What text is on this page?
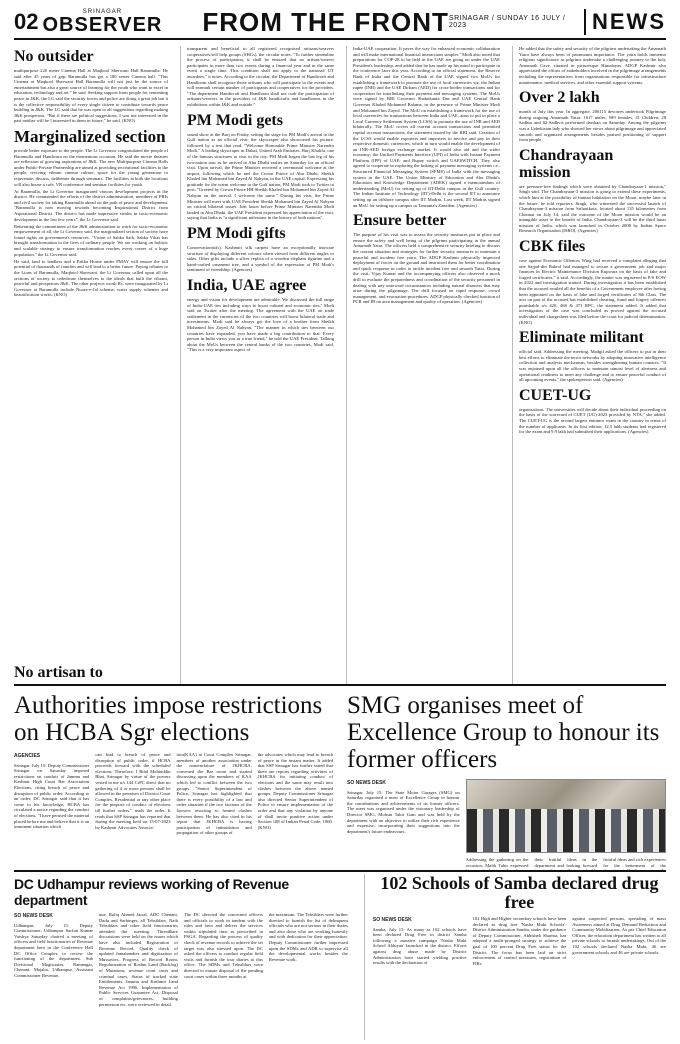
02	SRINAGAR
OBSERVER FROM THE FRONT SRINAGAR / SUNDAY 16 JULY / 2023	NEWS
No outsider
multipurpose 220 meter Cinema Hall at Maqbool Sherwani Hall Baramulla. He said after 45 years of gap, Baramulla has got a 180 seater Cinema hall. "This Cinema at Maqbool Sherwani Hall Baramulla will not just be the source of entertainment but also a great source of learning for the youth who want to excel in education, technology and art," he said. Seeking support from people for cementing peace in J&K, the LG said the security forces and police are doing a great job but it is the collective responsibility of every single citizen to contribute towards peace building in J&K. The LG said that he was open to all suggestions regarding making J&K prosperous. "But if there are political suggestions, I was not interested in the past neither will be I interested in them in future," he said. (KNO)
Marginalized section

provide better exposure to the people. The Lt Governor congratulated the people of Baramulla and Handwara on the momentous occasion. He said the movie theatres are reflection of growing aspirations of J&K. The new Multipurpose Cinema Halls under Public-Private Partnership are aimed at providing recreational facilities to the people, reviving vibrant cinema culture, space for the young generation to rejuvenate, discuss, deliberate through seminars. The facilities at both the locations will also house a cafe, VR conference and seminar facilities for youth.

At Baramulla, the Lt Governor inaugurated various development projects in the district. He commended the efforts of the district administration, members of PRIs and civil society for taking Baramulla ahead on the path of peace and development. "Baramulla is now moving towards becoming Inspirational District from Aspirational District. The district has made impressive strides in socio-economic development in the last few years", the Lt Governor said.

Reiterating the commitment of the J&K administration to work for socio-economic empowerment of all, the Lt Governor said, the marginalized section of society have found rights on government's resources. "Vision of Sabka Sath, Sabka Vikas has brought transformation in the lives of ordinary people. We are working on holistic and scalable strategy to ensure transformation reaches every corner of a huge population," the Lt Governor said.

He said, land to landless and a Pakka House under PMAY will ensure the full potential of thousands of families and will lead to a better future. Paying tributes to the Lions of Baramulla, Maqbool Sherwani, the Lt Governor called upon all the sections of society to rededicate themselves to the ideals that built the vibrant, peaceful and prosperous J&K. The other projects worth Rs. were inaugurated by Lt Governor at Baramulla include Nuaze-e-Jal scheme, water supply schemes and beautification works. (KNO)

No artisan to
transparent and beneficial to all registered recognised artisans/weavers cooperatives/self help groups (SHGs), the circular notes. "To further streamline the process of participation, it shall be ensured that no artisan/weaver participates in more than two events during a financial year and in the same event a single time. This condition shall not apply to the national/ UT awardees," it notes. According to the circular, the Department of Handicraft and Handloom shall recognise those artisans who will participate in the events and will earmark certain number of participants and cooperatives for the providers. "The department Handicraft and Handloom shall not curb the participation of artisans/weavers in the providers of J&K handicrafts and handlooms in the exhibitions within J&K and outside."
PM Modi gets
sound show at the Burj on Friday, setting the stage for PM Modi's arrival to the Gulf nation as an official visit; the skyscraper also showcased his picture, followed by a text that read: "Welcome Honorable Prime Minister Narendra Modi." A leading skyscraper in Dubai, United Arab Emirates, Burj Khalifa, one of the famous structures to visit in the city. PM Modi began the last leg of his two-nation tour as he arrived in Abu Dhabi earlier on Saturday for an official visit. Upon arrival, the Prime Minister received a ceremonial welcome at the airport, following which he met the Crown Prince of Abu Dhabi, Sheikh Khaled bin Mohamed bin Zayed Al Nahyan, in the UAE capital. Expressing his gratitude for the warm welcome to the Gulf nation, PM Modi took to Twitter to post, "Greeted by Crown Prince HH Sheikh Khaled bin Mohamed bin Zayed Al Nahyan on the arrival. I welcome the same." During his visit, the Prime Minister will meet with UAE President Sheikh Mohamed bin Zayed Al Nahyan on critical bilateral issues. Just hours before Prime Minister Narendra Modi landed in Abu Dhabi, the UAE President expressed his appreciation of the visit, saying that India is "a significant milestone in the history of both nations".
PM Modi gifts
Conservationist(s), Kashmiri silk carpets have an exceptionally intricate structure of displaying different colours when viewed from different angles or sides. Other gifts include a silver replica of a wooden elephant figurine and a hand-crafted ornament tree, and a symbol of the expression of PM Modi's sentiment of friendship. (Agencies)
India, UAE agree
energy and vision for development are admirable. We discussed the full range of India-UAE ties including ways to boost cultural and economic ties," Modi said on Twitter after the meeting. The agreement with the UAE on trade settlement in the currencies of the two countries will boost bilateral trade and investments. Modi said he always got the love of a brother from Sheikh Mohamed bin Zayed Al Nahyan. "The manner in which ties between our countries have expanded, you have made a big contribution to that. Every person in India views you as a true friend," he told the UAE President. Talking about the MoUs between the central banks of the two countries, Modi said, "This is a very important aspect of
India-UAE cooperation. It paves the way for enhanced economic collaboration and will make international financial interactions simpler." Modi also noted that preparations for COP-28 to be held in the UAE are going on under the UAE President's leadership, and added that he has made up his mind to participate in the conference later this year. According to an official statement, the Reserve Bank of India and the Central Bank of the UAE signed two MoUs for establishing a framework to promote the use of local currencies viz. the Indian rupee (INR) and the UAE Dirham (AED) for cross-border transactions and for cooperation for interlinking their payment and messaging systems. The MoUs were signed by RBI Governor Shaktikanta Das and UAE Central Bank Governor Khaled Mohamed Balama, in the presence of Prime Minister Modi and Mohamed bin Zayed. The MoU on establishing a framework for the use of local currencies for transactions between India and UAE, aims to put in place a Local Currency Settlement System (LCSS) to promote the use of INR and AED bilaterally. The MoU covers all current account transactions and permitted capital account transactions, the statement issued by the RBI said. Creation of the LCSS would enable exporters and importers to invoice and pay in their respective domestic currencies, which in turn would enable the development of an INR-AED foreign exchange market. It would also aid and the wider economy; the Unified Payments Interface (UPI) of India with Instant Payment Platform (IPP) of UAE; and Rupay switch and UAESWITCH. They also agreed to cooperate in exploring the linking of payment messaging systems i.e., Structured Financial Messaging System (SFMS) of India with the messaging system in the UAE. The Union Ministry of Education and Abu Dhabi's Education and Knowledge Department (ADEK) signed a memorandum of understanding (MoU) for setting up of IIT-Delhi campus in the Gulf country. The Indian Institute of Technology (IIT)-Delhi is the second IIT to announce setting up an offshore campus after IIT Madras. Last week, IIT Madras signed an MoU for setting up a campus in Tanzania's Zanzibar. (Agencies)
Ensure better
The purpose of his visit was to assess the security measures put in place and ensure the safety and well being of the pilgrims participating in the annual Amarnath Yatra. The officers held a comprehensive security briefing to discuss the current situation and strategies for further security measures to maintain a peaceful and incident free yatra. The ADGP Kashmir physically inspected deployment of forces on the ground and instructed them for better coordination and quick response in order to tackle incident free and smooth Yatra. During the visit, Vijay Kumar and the accompanying officers also observed a mock drill to evaluate the preparedness and coordination of the security personnel in dealing with any untoward circumstances including natural disasters that may arise during the pilgrimage. The drill focused on rapid response, crowd management, and evacuation procedures. ADGP physically checked function of PCR and IB on area management and quality of operation. (Agencies)
He added that the safety and security of the pilgrims undertaking the Amarnath Yatra have always been of paramount importance. The yatra holds immense religious significance as pilgrims undertake a challenging journey to the holy Amarnath Cave, situated in picturesque Himalayas. ADGP Kashmir also appreciated the efforts of stakeholders involved in the pilgrimage arrangements including the representatives from organisations responsible for infrastructure maintenance, medical services, and other essential support systems.
Over 2 lakh
month of July this year. In aggregate, 206115 devotees undertook Pilgrimage during ongoing Amarnath Yatra. 1617 males, 589 females, 41 Children, 28 Sadhus and 62 Sadhvis performed darshan on Saturday. Among the pilgrims was a Uzbekistan lady who showed her views about pilgrimage and appreciated smooth and organized arrangements besides praised positioning of support from people.
Chandrayaan mission
are pressure-free findings which were obtained by Chandrayaan-1 mission," Singh said. The Chandrayaan-3 mission is going to extend these experiments, which hint at the possibility of human habitation on the Moon, maybe later in the future, he told reporters. Singh, who witnessed the successful launch of Chandrayaan-3 mission from Sriharikota, located about 135 kilometres from Chennai on July 14, said the outcome of the Moon mission would be an intangible asset to the benefit of India. Chandrayaan-3 will be the third lunar mission of India, which was launched in October 2008 by Indian Space Research Organisation (ISRO). (Agencies)
CBK files
case against Economic Offences Wing had received a complaint alleging that one Sajjad-din Bakrol had managed to secure a government job and major finances in Electric Maintenance Division Kupwara on the basis of fake and forged certificates," it said. Accordingly, the matter was registered in P/S EOW in 2022 and investigation started. During investigation it has been established that the accused availed all the benefits of a Government employee after having been appointed on the basis of fake and forged certificates of 8th Class. The acts on part of the accused has established cheating, fraud and forgery offences punishable u/s 420, 468 & 471 RPC, the statement added. It added that investigation of the case was concluded as proved against the accused individual and chargesheet was filed before the court for judicial determination. (KNO)
Eliminate militant
official said. Addressing the meeting, Madgil asked the officers to put in their best efforts to eliminate the terror networks by adopting innovative intelligence collection and analysis mechanism, besides strengthening human contacts. "It was enjoined upon all the officers to maintain utmost level of alertness and operational readiness to meet any challenge and to ensure peaceful conduct of all upcoming events," the spokesperson said. (Agencies)
CUET-UG
organisations. The universities will decide about their individual proceeding on the basis of the scorecard of CUET (UG)-2023 provided by NTA," she added. The CUET-UG is the second largest entrance exam in the country in terms of the number of applicants. In its first edition, 12.5 lakh students had registered for the exam and 9.9 lakh had submitted their applications. (Agencies)
Authorities impose restrictions on HCBA Sgr elections
AGENCIES
Srinagar, July 15: Deputy Commissioner Srinagar on Saturday imposed restrictions on conduct of Jammu and Kashmir High Court Bar Association Elections, citing breach of peace and disruption of public order. According to an order, DC Srinagar said that it has come to his knowledge, HCBA has circulated a notice regarding the conduct of elections. "I have perused the material placed before me and believe that it is an imminent situation which
can lead to breach of peace and disruption of public order, if HCBA proceeds forward with the scheduled elections. Therefore, I Bilal Mohiuddin Bhat, Srinagar by virtue of the powers vested in me u/s 144 CrPC direct that no gathering of 4 or more persons shall be allowed in the premises of District Court Complex, Residential or any other place for the purpose of conduct of elections till further orders," reads the order. It reads that SSP Srinagar has reported that during the meeting held on 15-07-2023 by Kashmir Advocates Associa-
tion(KAA) at Court Complex Srinagar, members of another association under the nomenclature of JKHCBA, convened the Bar room and started discussing upon the members of KAA which led to conflict between the two groups. "Senior Superintendent of Police, Srinagar has highlighted that there is every possibility of a law and order situation if the two factions of the lawyers resorting to heated clashes between them. He has also cited in his report that JKHCBA is having participation of intimidation and propagation of other groups of
the advocates which may lead to breach of peace in the instant matter. It added that SSP Srinagar has further stated that there are reports regarding activities of JKHCBA for initiating conduct of elections and the same may result into clashes between the above named groups. Deputy Commissioner Srinagar also directed Senior Superintendent of Police to ensure implementation of the order and that any violation by anyone of shall invite punitive action under Section 188 of Indian Penal Code, 1860. (KNO)
SMG organises meet of Excellence Group to honour its former officers
SO NEWS DESK
Srinagar, July 15: The State Motor Garages (SMG) on Saturday organised a meet of Excellence Group to honour the contributions and achievements of its former officers. The meet was organised under the visionary leadership of Director SMG, Mohsin Tahir Gani and was held by the department with an objective to utilize their rich experience and expertise, incorporating their suggestions into the department's future endeavours.
Addressing the gathering on the occasion, Malik Tahir expressed
their fruitful ideas in the department and looking forward
fruitful ideas and rich experiences for the betterment of the
DC Udhampur reviews working of Revenue department
SO NEWS DESK
Udhampur, July 15: Deputy Commissioner, Udhampur Sachin Kumar Vaishya Saturday chaired a meeting of officers and field functionaries of Revenue department here in the Conference Hall DC Office Complex to review the functioning of the department. Sub Divisional Magistrates, Ramnagar, Chenani, Majalta, Udhampur, Assistant Commissioner Revenue,
nue, Rafiq Ahmed Jarral, ADC Chenani, Dadu and Sarbinger, all Tehsildars, Naib Tehsildars and other field functionaries attended the meeting. Threadbare discussions were held on the issues which have also included Registration of Revenue Record, Quality check of updated Jamabandies and digitization of Mussavies, Progress of Record Room, Regularization of Roshni Land (Backlog) of Mutations, revenue court cases and criminal cases, Status of tracked state Entitlements, Jammu and Kashmir Land Revenue Act 1996. Implementation of Public Services Guarantee Act, Disposal of complaints/grievances, building permission etc. were reviewed in detail.
The DC directed the concerned officers and officials to work in tandem with the rules and laws and deliver the services within stipulated time as prescribed in PSGA. Regarding the process of quality check of revenue records to achieve the set target was also stressed upon. The DC asked the officers to conduct regular field visits and furnish the tour diaries to this office. The SDMs and Tehsildars were directed to ensure disposal of the pending court cases within three months at
the maximum. The Tehsildars were further directed to furnish the list of delinquent officials who are not serious in their duties and also those who are working honestly and with dedication for their appreciation. Deputy Commissioner further impressed upon the SDMs and ADR to supervise all the developmental works besides the Revenue work.
102 Schools of Samba declared drug free
SO NEWS DESK
Samba, July 15: As many as 102 schools have been declared Drug Free in district Samba following a massive campaign 'Nasha Mukt School Abhiyan' launched in the district. Efforts against drug abuse made by District Administration have started yielding positive results with the declaration of
102 High and Higher secondary schools have been declared as drug free 'Nasha Mukt Schools'. District Administration Samba, under the guidance of Deputy Commissioner, Abhishek Sharma, has adopted a multi-pronged strategy to achieve the goal of 100 percent Drug Free status for the District. The focus has been laid on strict enforcement of control measures, registration of FIRs
against suspected persons, spreading of mass Awareness aimed at Drug Demand Reduction and Community Mobilization. As per Chief Education Officer, the education department has written to all private schools to furnish undertakings. Out of the 102 schools declared Nasha Mukt, 46 are government schools and 46 are private schools.
